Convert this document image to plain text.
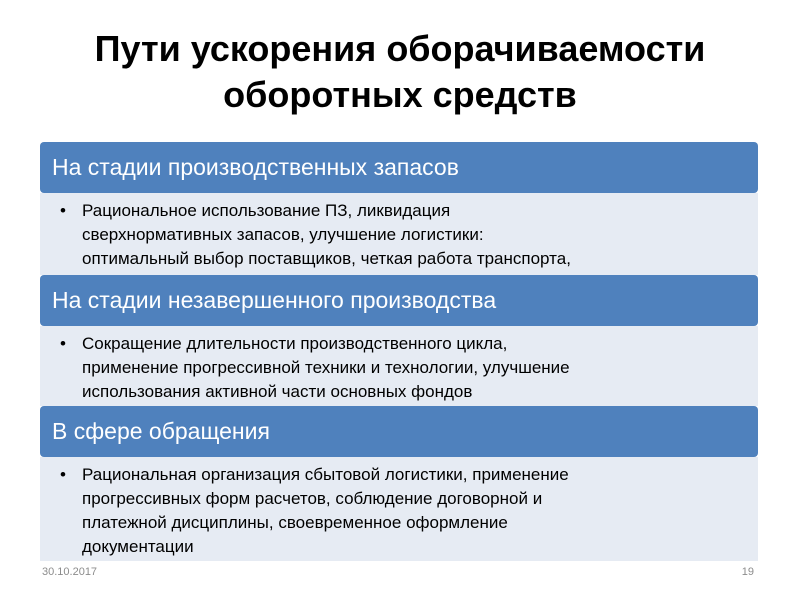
Пути ускорения оборачиваемости
оборотных средств
На стадии производственных запасов
• Рациональное использование ПЗ, ликвидация
сверхнормативных запасов, улучшение логистики:
оптимальный выбор поставщиков, четкая работа транспорта,
На стадии незавершенного производства
• Сокращение длительности производственного цикла,
применение прогрессивной техники и технологии, улучшение
использования активной части основных фондов
В сфере обращения
• Рациональная организация сбытовой логистики, применение
прогрессивных форм расчетов, соблюдение договорной и
платежной дисциплины, своевременное оформление
документации
30.10.2017	19
